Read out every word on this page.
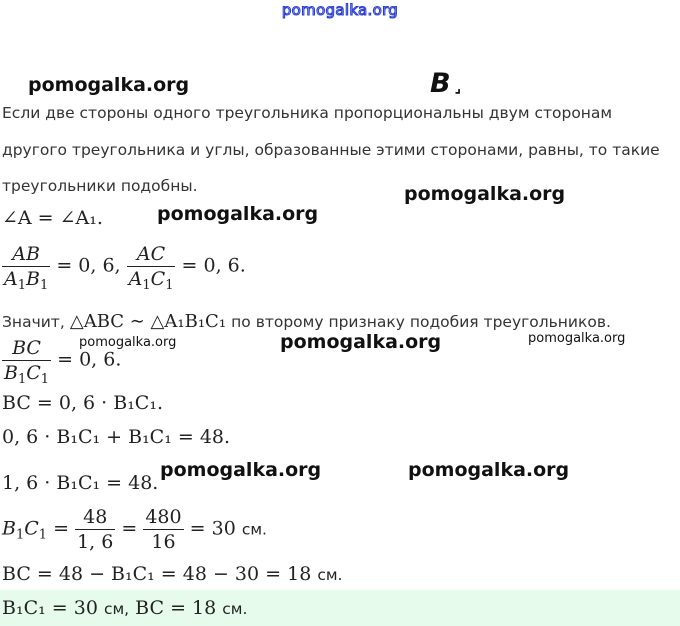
pomogalka.org
pomogalka.org	B ⌟
Если две стороны одного треугольника пропорциональны двум сторонам
другого треугольника и углы, образованные этими сторонами, равны, то такие
треугольники подобны.	pomogalka.org
∠A = ∠A₁.	pomogalka.org
$\frac{AB}{A_1B_1} = 0$, 6, $\frac{AC}{A_1C_1} = 0$, 6.
Значит, △ABC ∼ △A₁B₁C₁ по второму признаку подобия треугольников.
$\frac{BC}{B_1C_1} = 0$, 6.
pomogalka.org	pomogalka.org	pomogalka.org
BC = 0, 6 · B₁C₁.
0, 6 · B₁C₁ + B₁C₁ = 48.
1, 6 · B₁C₁ = 48.
pomogalka.org	pomogalka.org
$B_1C_1 = \frac{48}{1, 6} = \frac{480}{16} = 30$ см.
BC = 48 − B₁C₁ = 48 − 30 = 18 см.
B₁C₁ = 30 см, BC = 18 см.
